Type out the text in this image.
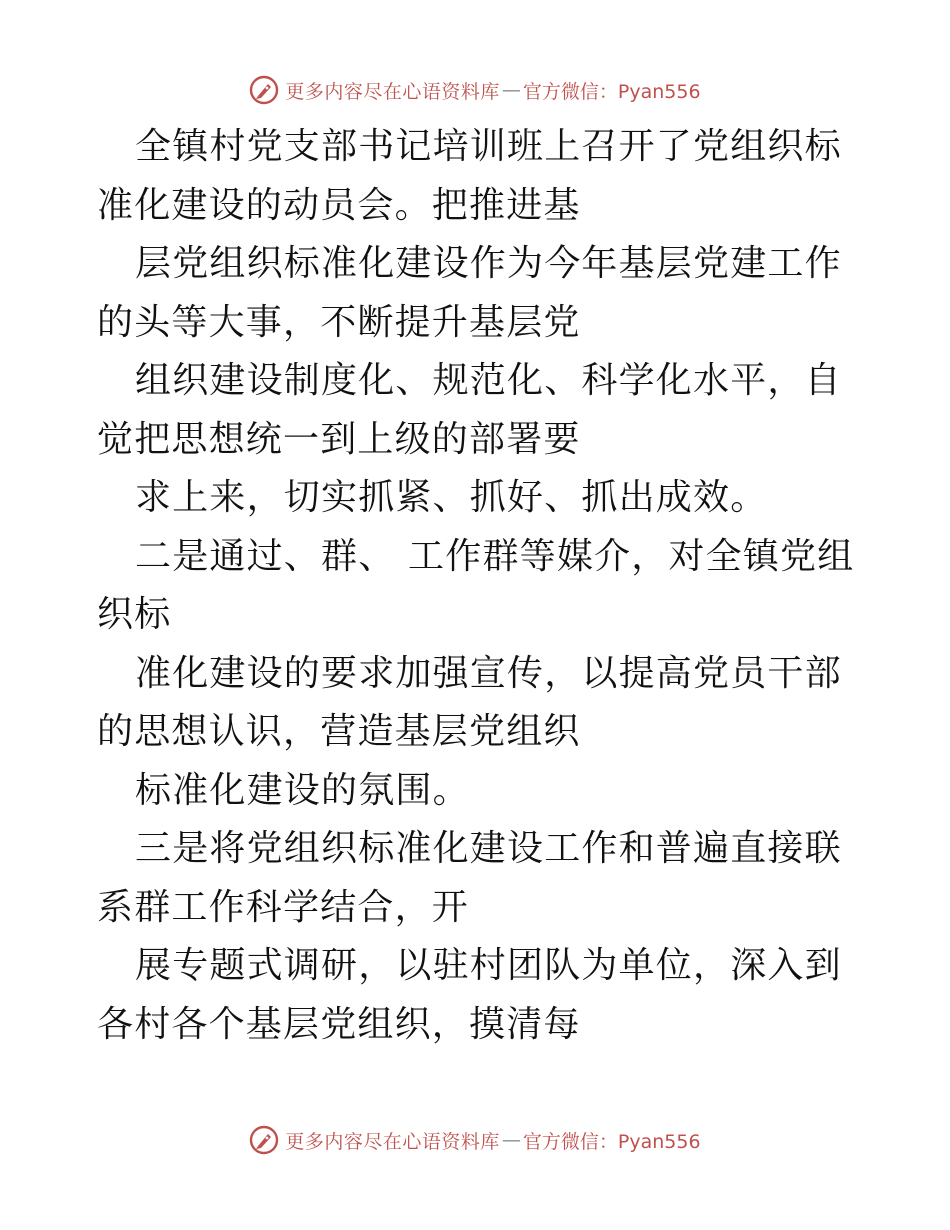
更多内容尽在心语资料库 — 官方微信：Pyan556

全镇村党支部书记培训班上召开了党组织标准化建设的动员会。把推进基

层党组织标准化建设作为今年基层党建工作的头等大事，不断提升基层党

组织建设制度化、规范化、科学化水平，自觉把思想统一到上级的部署要

求上来，切实抓紧、抓好、抓出成效。

二是通过、群、 工作群等媒介，对全镇党组织标

准化建设的要求加强宣传，以提高党员干部的思想认识，营造基层党组织

标准化建设的氛围。

三是将党组织标准化建设工作和普遍直接联系群工作科学结合，开

展专题式调研，以驻村团队为单位，深入到各村各个基层党组织，摸清每

更多内容尽在心语资料库 — 官方微信：Pyan556
